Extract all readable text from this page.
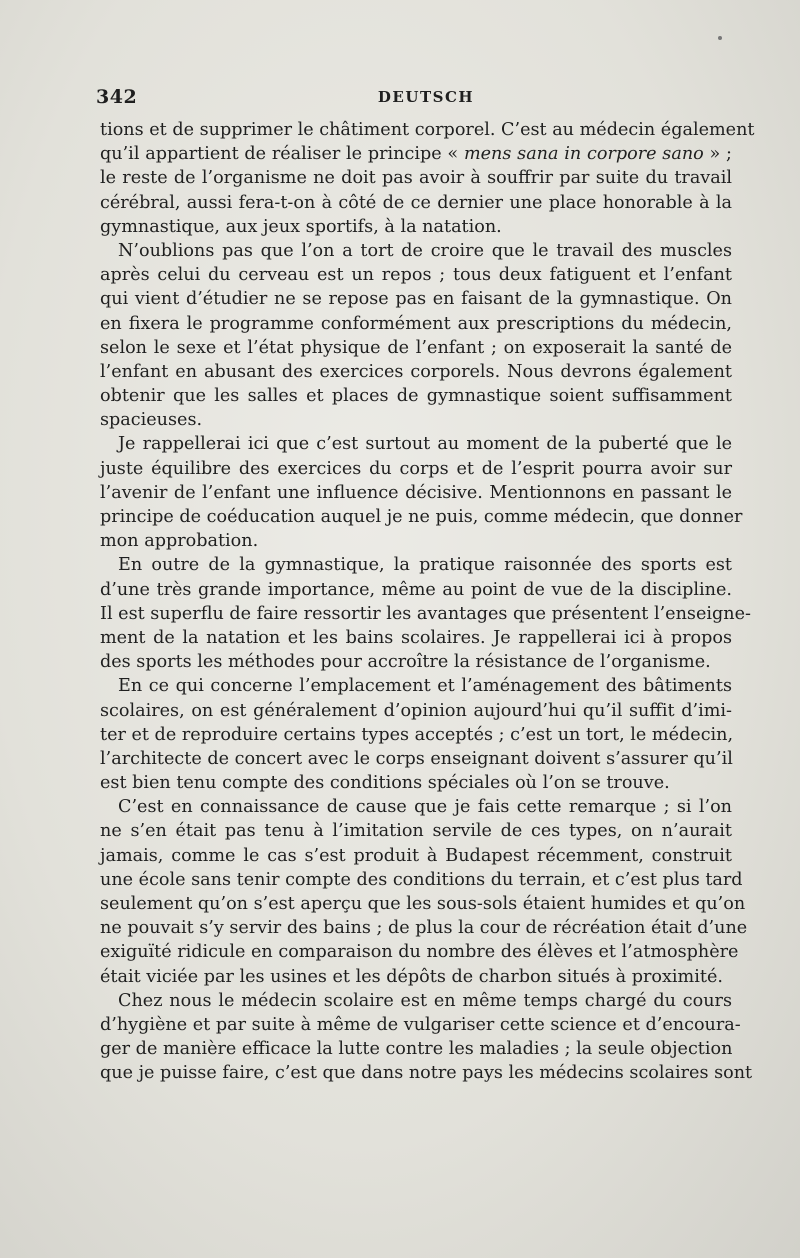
342	DEUTSCH
tions et de supprimer le châtiment corporel. C’est au médecin également
qu’il appartient de réaliser le principe « mens sana in corpore sano » ;
le reste de l’organisme ne doit pas avoir à souffrir par suite du travail
cérébral, aussi fera-t-on à côté de ce dernier une place honorable à la
gymnastique, aux jeux sportifs, à la natation.
N’oublions pas que l’on a tort de croire que le travail des muscles
après celui du cerveau est un repos ; tous deux fatiguent et l’enfant
qui vient d’étudier ne se repose pas en faisant de la gymnastique. On
en fixera le programme conformément aux prescriptions du médecin,
selon le sexe et l’état physique de l’enfant ; on exposerait la santé de
l’enfant en abusant des exercices corporels. Nous devrons également
obtenir que les salles et places de gymnastique soient suffisamment
spacieuses.
Je rappellerai ici que c’est surtout au moment de la puberté que le
juste équilibre des exercices du corps et de l’esprit pourra avoir sur
l’avenir de l’enfant une influence décisive. Mentionnons en passant le
principe de coéducation auquel je ne puis, comme médecin, que donner
mon approbation.
En outre de la gymnastique, la pratique raisonnée des sports est
d’une très grande importance, même au point de vue de la discipline.
Il est superflu de faire ressortir les avantages que présentent l’enseigne-
ment de la natation et les bains scolaires. Je rappellerai ici à propos
des sports les méthodes pour accroître la résistance de l’organisme.
En ce qui concerne l’emplacement et l’aménagement des bâtiments
scolaires, on est généralement d’opinion aujourd’hui qu’il suffit d’imi-
ter et de reproduire certains types acceptés ; c’est un tort, le médecin,
l’architecte de concert avec le corps enseignant doivent s’assurer qu’il
est bien tenu compte des conditions spéciales où l’on se trouve.
C’est en connaissance de cause que je fais cette remarque ; si l’on
ne s’en était pas tenu à l’imitation servile de ces types, on n’aurait
jamais, comme le cas s’est produit à Budapest récemment, construit
une école sans tenir compte des conditions du terrain, et c’est plus tard
seulement qu’on s’est aperçu que les sous-sols étaient humides et qu’on
ne pouvait s’y servir des bains ; de plus la cour de récréation était d’une
exiguïté ridicule en comparaison du nombre des élèves et l’atmosphère
était viciée par les usines et les dépôts de charbon situés à proximité.
Chez nous le médecin scolaire est en même temps chargé du cours
d’hygiène et par suite à même de vulgariser cette science et d’encoura-
ger de manière efficace la lutte contre les maladies ; la seule objection
que je puisse faire, c’est que dans notre pays les médecins scolaires sont
